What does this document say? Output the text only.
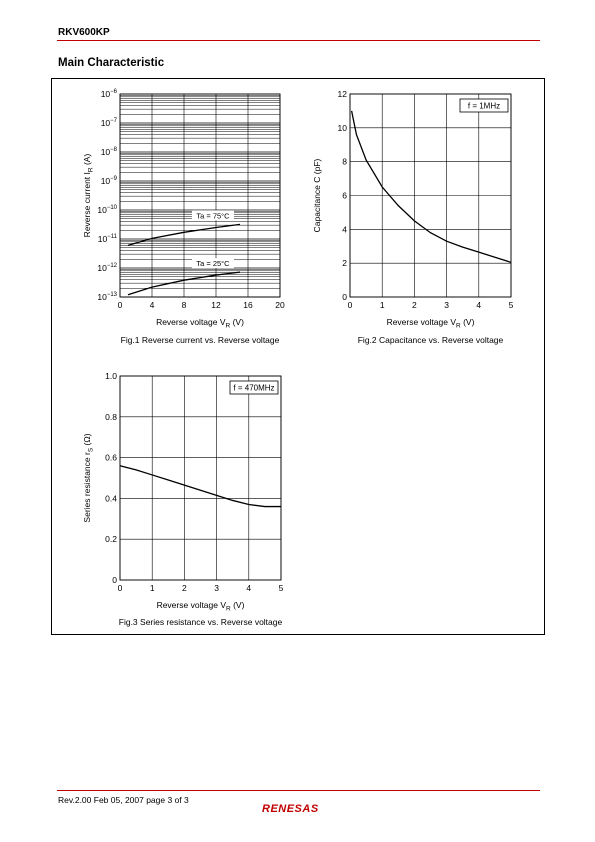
RKV600KP
Main Characteristic
0	4	8	12	16	20
$10^{-6}$
$10^{-7}$
$10^{-8}$
$10^{-9}$
$10^{-10}$
$10^{-11}$
$10^{-12}$
$10^{-13}$
Reverse voltage $V_R$ (V)
Reverse current $I_R$ (A)
Fig.1 Reverse current vs. Reverse voltage
Ta = 75°C
Ta = 25°C
0	1	2	3	4	5
0
2
4
6
8
10
12
Reverse voltage $V_R$ (V)
Capacitance C (pF)
Fig.2 Capacitance vs. Reverse voltage
f = 1MHz
0	1	2	3	4	5
0
0.2
0.4
0.6
0.8
1.0
Reverse voltage $V_R$ (V)
Series resistance $r_S$ (Ω)
Fig.3 Series resistance vs. Reverse voltage
f = 470MHz
Rev.2.00 Feb 05, 2007 page 3 of 3
RENESAS
